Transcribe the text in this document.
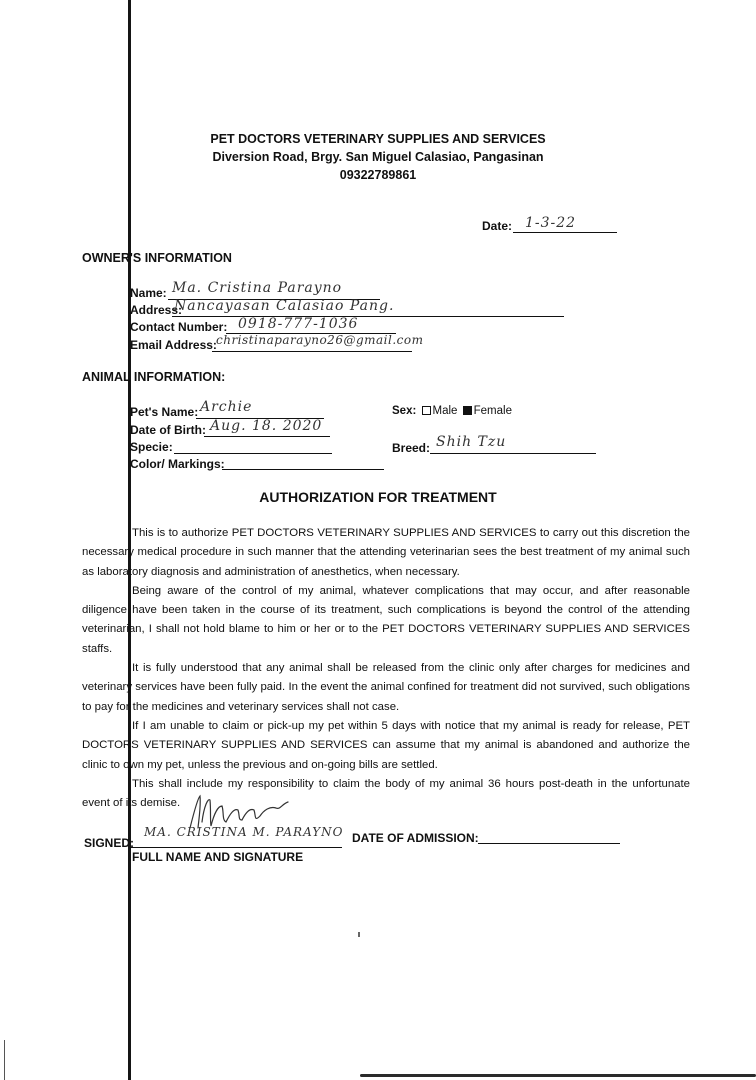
PET DOCTORS VETERINARY SUPPLIES AND SERVICES
Diversion Road, Brgy. San Miguel Calasiao, Pangasinan
09322789861
Date: 1-3-22
OWNER'S INFORMATION
Name: Ma. Cristina Parayno
Address:
Nancayasan Calasiao Pang.
Contact Number: 0918-777-1036
Email Address: christinaparayno26@gmail.com
ANIMAL INFORMATION:
Pet's Name: Archie
Date of Birth: Aug. 18. 2020
Specie:
Color/ Markings:
Sex: Male Female
Breed: Shih Tzu
AUTHORIZATION FOR TREATMENT

This is to authorize PET DOCTORS VETERINARY SUPPLIES AND SERVICES to carry out this discretion the necessary medical procedure in such manner that the attending veterinarian sees the best treatment of my animal such as laboratory diagnosis and administration of anesthetics, when necessary.

Being aware of the control of my animal, whatever complications that may occur, and after reasonable diligence have been taken in the course of its treatment, such complications is beyond the control of the attending veterinarian, I shall not hold blame to him or her or to the PET DOCTORS VETERINARY SUPPLIES AND SERVICES staffs.

It is fully understood that any animal shall be released from the clinic only after charges for medicines and veterinary services have been fully paid. In the event the animal confined for treatment did not survived, such obligations to pay for the medicines and veterinary services shall not case.

If I am unable to claim or pick-up my pet within 5 days with notice that my animal is ready for release, PET DOCTORS VETERINARY SUPPLIES AND SERVICES can assume that my animal is abandoned and authorize the clinic to own my pet, unless the previous and on-going bills are settled.

This shall include my responsibility to claim the body of my animal 36 hours post-death in the unfortunate event of its demise.

SIGNED:
MA. CRISTINA M. PARAYNO
FULL NAME AND SIGNATURE
DATE OF ADMISSION:
